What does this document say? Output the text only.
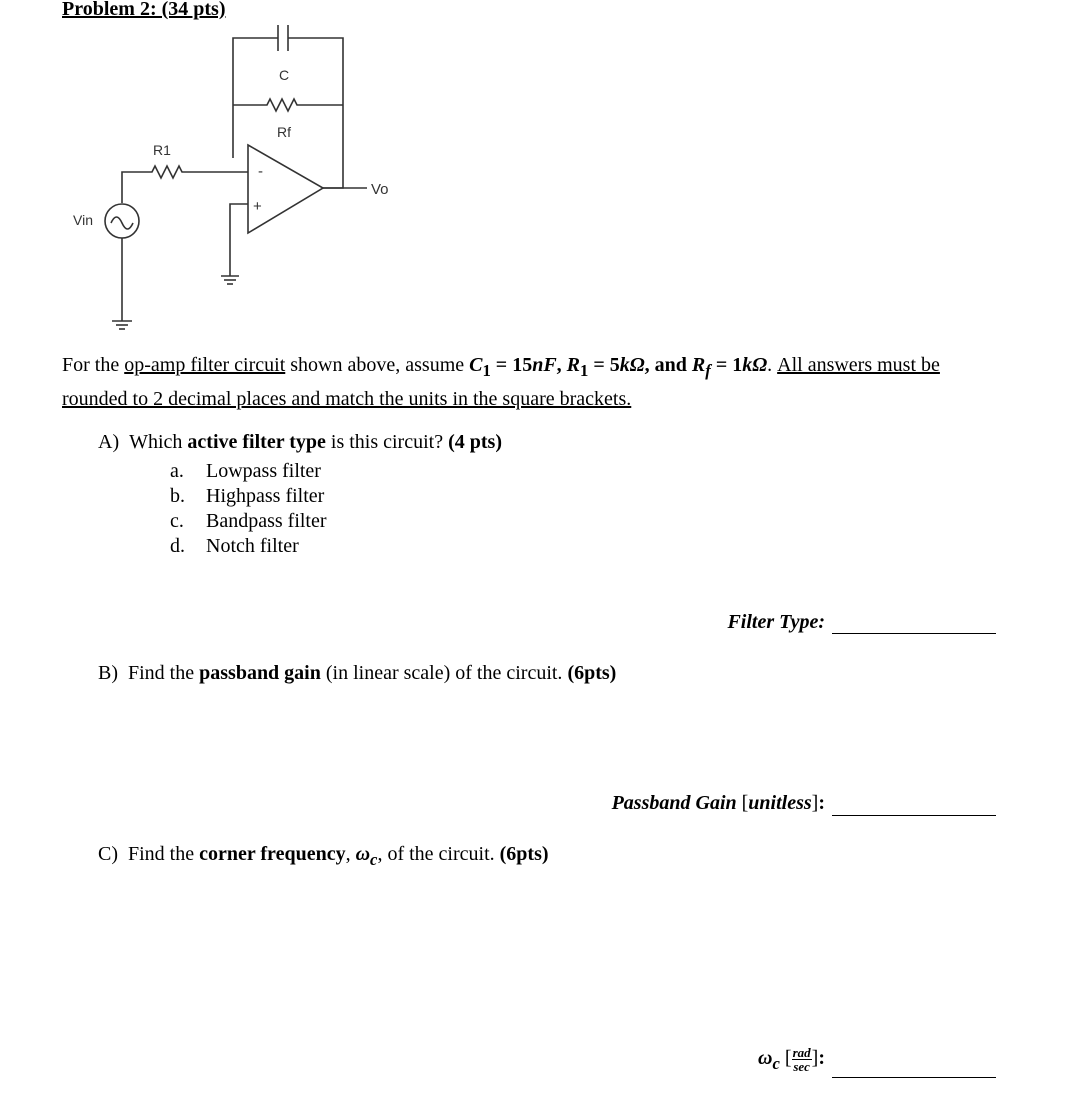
Problem 2: (34 pts)
C
Rf
R1
Vin
Vo
-
+
For the op-amp filter circuit shown above, assume $C_1 = 15nF$, $R_1 = 5k\Omega$, and $R_f = 1k\Omega$. All answers must be rounded to 2 decimal places and match the units in the square brackets.
A) Which active filter type is this circuit? (4 pts)
a. Lowpass filter
b. Highpass filter
c. Bandpass filter
d. Notch filter
Filter Type:
B) Find the passband gain (in linear scale) of the circuit. (6pts)
Passband Gain [unitless]:
C) Find the corner frequency, $\omega_c$, of the circuit. (6pts)
$\omega_c$ [ rad
sec ]:
